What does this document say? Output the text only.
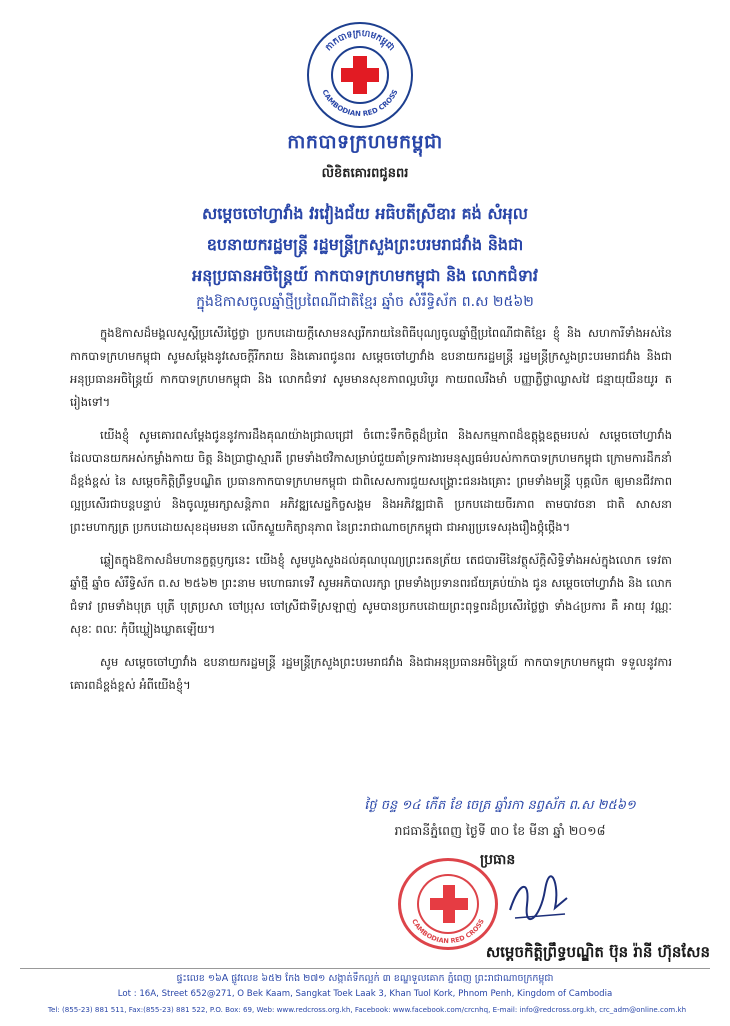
កាកបាទក្រហមកម្ពុជា
CAMBODIAN RED CROSS
កាកបាទក្រហមកម្ពុជា
លិខិតគោរពជូនពរ
សម្ដេចចៅហ្វាវាំង វរវៀងជ័យ អធិបតីស្រីឧារ គង់ សំអុល
ឧបនាយករដ្ឋមន្ត្រី រដ្ឋមន្ត្រីក្រសួងព្រះបរមរាជវាំង និងជា
អនុប្រធានអចិន្ត្រៃយ៍ កាកបាទក្រហមកម្ពុជា និង លោកជំទាវ
ក្នុងឱកាសចូលឆ្នាំថ្មីប្រពៃណីជាតិខ្មែរ ឆ្នាំច សំរឹទ្ធិស័ក ព.ស ២៥៦២

ក្នុងឱកាសដ៏មង្គលសួស្ដីប្រសើរថ្លៃថ្លា ប្រកបដោយក្ដីសោមនស្សរីករាយនៃពិធីបុណ្យចូលឆ្នាំថ្មីប្រពៃណីជាតិខ្មែរ ខ្ញុំ និង សហការីទាំងអស់នៃកាកបាទក្រហមកម្ពុជា សូមសម្ដែងនូវសេចក្ដីរីករាយ និងគោរពជូនពរ សម្ដេចចៅហ្វាវាំង ឧបនាយករដ្ឋមន្ត្រី រដ្ឋមន្ត្រីក្រសួងព្រះបរមរាជវាំង និងជាអនុប្រធានអចិន្ត្រៃយ៍ កាកបាទក្រហមកម្ពុជា និង លោកជំទាវ សូមមានសុខភាពល្អបរិបូរ កាយពលរឹងមាំ បញ្ញាភ្លឺថ្លាឈ្លាសវៃ ជន្មាយុយឺនយូរ តរៀងទៅ។

យើងខ្ញុំ សូមគោរពសម្ដែងជូននូវការដឹងគុណយ៉ាងជ្រាលជ្រៅ ចំពោះទឹកចិត្តដ៏ប្រពៃ និងសកម្មភាពដ៏ឧត្ដុង្គឧត្ដមរបស់ សម្ដេចចៅហ្វាវាំង ដែលបានយកអស់កម្លាំងកាយ ចិត្ត និងប្រាជ្ញាស្មារតី ព្រមទាំងថវិកាសម្រាប់ជួយគាំទ្រការងារមនុស្សធម៌របស់កាកបាទក្រហមកម្ពុជា ក្រោមការដឹកនាំដ៏ខ្ពង់ខ្ពស់ នៃ សម្ដេចកិត្តិព្រឹទ្ធបណ្ឌិត ប្រធានកាកបាទក្រហមកម្ពុជា ជាពិសេសការជួយសង្គ្រោះជនរងគ្រោះ ព្រមទាំងមន្ត្រី បុគ្គលិក ឲ្យមានជីវភាពល្អប្រសើរជាបន្តបន្ទាប់ និងចូលរួមរក្សាសន្តិភាព អភិវឌ្ឍសេដ្ឋកិច្ចសង្គម និងអភិវឌ្ឍជាតិ ប្រកបដោយចីរភាព តាមបាវចនា ជាតិ សាសនា ព្រះមហាក្សត្រ ប្រកបដោយសុខដុមរមនា លើកស្ទួយកិត្យានុភាព នៃព្រះរាជាណាចក្រកម្ពុជា ជាអារ្យប្រទេសរុងរឿងថ្កុំថ្កើង។

ឆ្លៀតក្នុងឱកាសដ៏មហានក្ខត្តឫក្សនេះ យើងខ្ញុំ សូមបួងសួងដល់គុណបុណ្យព្រះរតនត្រ័យ តេជបារមីនៃវត្ថុស័ក្ដិសិទ្ធិទាំងអស់ក្នុងលោក ទេវតាឆ្នាំថ្មី ឆ្នាំច សំរឹទ្ធិស័ក ព.ស ២៥៦២ ព្រះនាម មហោធរាទេវី សូមអភិបាលរក្សា ព្រមទាំងប្រទានពរជ័យគ្រប់យ៉ាង ជូន សម្ដេចចៅហ្វាវាំង និង លោកជំទាវ ព្រមទាំងបុត្រ បុត្រី បុត្រប្រសា ចៅប្រុស ចៅស្រីជាទីស្រឡាញ់ សូមបានប្រកបដោយព្រះពុទ្ធពរដ៏ប្រសើរថ្លៃថ្លា ទាំង៤ប្រការ គឺ អាយុ វណ្ណៈ សុខៈ ពលៈ កុំបីឃ្លៀងឃ្លាតឡើយ។

សូម សម្ដេចចៅហ្វាវាំង ឧបនាយករដ្ឋមន្ត្រី រដ្ឋមន្ត្រីក្រសួងព្រះបរមរាជវាំង និងជាអនុប្រធានអចិន្ត្រៃយ៍ កាកបាទក្រហមកម្ពុជា ទទួលនូវការគោរពដ៏ខ្ពង់ខ្ពស់ អំពីយើងខ្ញុំ។

ថ្ងៃ ចន្ទ ១៤ កើត ខែ ចេត្រ ឆ្នាំរកា នព្វស័ក ព.ស ២៥៦១
រាជធានីភ្នំពេញ ថ្ងៃទី ៣០ ខែ មីនា ឆ្នាំ ២០១៨
CAMBODIAN RED CROSS
ប្រធាន
សម្ដេចកិត្តិព្រឹទ្ធបណ្ឌិត ប៊ុន រ៉ានី ហ៊ុនសែន
ផ្ទះលេខ ១៦A ផ្លូវលេខ ៦៥២ កែង ២៧១ សង្កាត់ទឹកល្អក់ ៣ ខណ្ឌទួលគោក ភ្នំពេញ ព្រះរាជាណាចក្រកម្ពុជា
Lot : 16A, Street 652@271, O Bek Kaam, Sangkat Toek Laak 3, Khan Tuol Kork, Phnom Penh, Kingdom of Cambodia
Tel: (855-23) 881 511, Fax:(855-23) 881 522, P.O. Box: 69, Web: www.redcross.org.kh, Facebook: www.facebook.com/crcnhq, E-mail: info@redcross.org.kh, crc_adm@online.com.kh
